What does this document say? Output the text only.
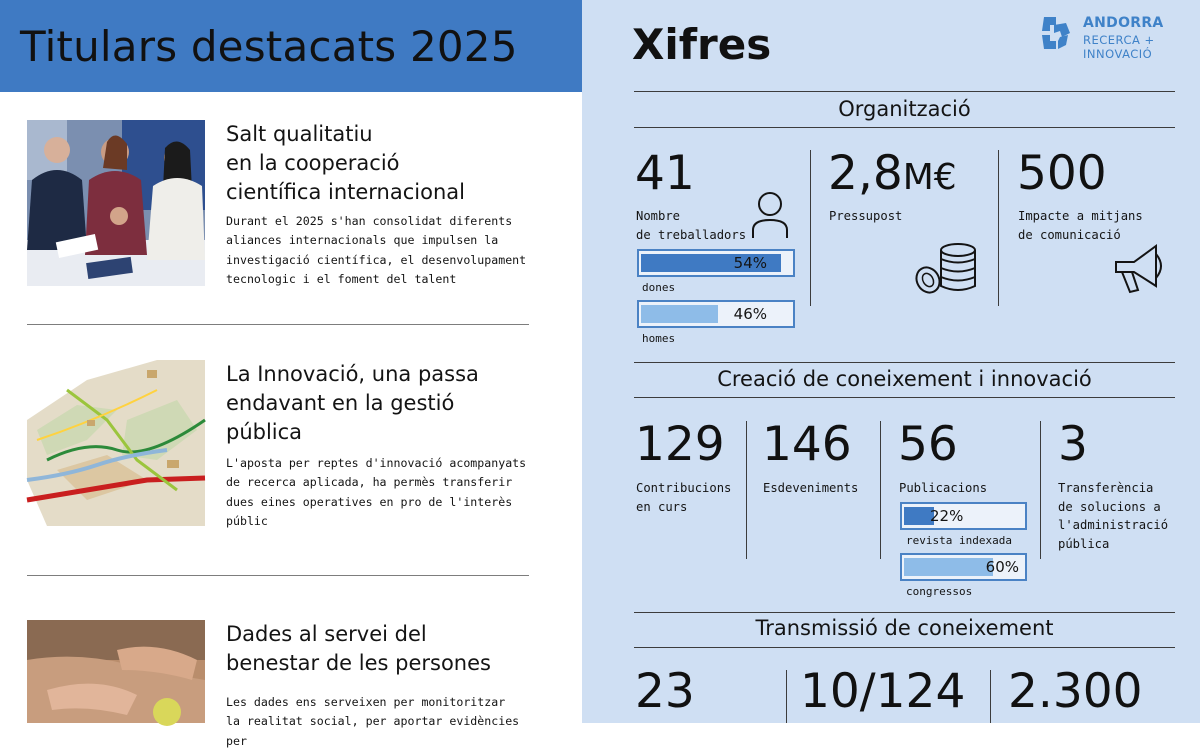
Titulars destacats 2025
Salt qualitatiu
en la cooperació
científica internacional
Durant el 2025 s'han consolidat diferents
aliances internacionals que impulsen la
investigació científica, el desenvolupament
tecnologic i el foment del talent
La Innovació, una passa
endavant en la gestió
pública
L'aposta per reptes d'innovació acompanyats
de recerca aplicada, ha permès transferir
dues eines operatives en pro de l'interès
públic
Dades al servei del
benestar de les persones
Les dades ens serveixen per monitoritzar
la realitat social, per aportar evidències per
Xifres	ANDORRA
RECERCA +
INNOVACIÓ
Organització
41
Nombre
de treballadors
54%
dones
46%
homes
2,8M€
Pressupost
500
Impacte a mitjans
de comunicació
Creació de coneixement i innovació
129
Contribucions
en curs
146
Esdeveniments
56
Publicacions
22%
revista indexada
60%
congressos
3
Transferència
de solucions a
l'administració
pública
Transmissió de coneixement
23 10/124 2.300
